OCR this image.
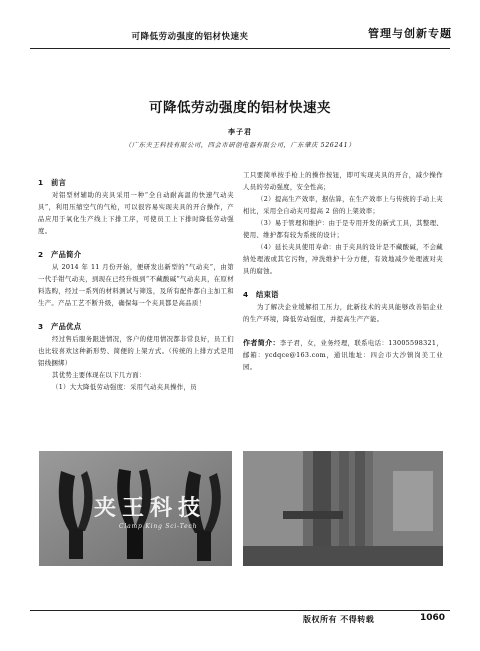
可降低劳动强度的铝材快速夹	管理与创新专题
可降低劳动强度的铝材快速夹
李子君
（广东夹王科技有限公司，四会市研创电器有限公司，广东肇庆 526241）

1　前言

对铝型材辅助的夹具采用一种“全自动耐高温的快速气动夹具”，利用压缩空气的气枪，可以很容易实现夹具的开合操作，产品应用于氧化生产线上下排工序，可使员工上下排时降低劳动强度。

2　产品简介

从 2014 年 11 月份开始，便研发出新型的“气动夹”，由第一代手钳气动夹，到现在已经升级到“不藏酸碱”气动夹具，在原材料选购，经过一系列的材料测试与筛选，及所有配件都自主加工和生产。产品工艺不断升级，确保每一个夹具都是高品质！

3　产品优点

经过售后服务跟进情况，客户的使用情况都非常良好，员工们也比较喜欢这种新形势、简便的上架方式。（传统的上排方式是用铝线捆绑）

其优势主要体现在以下几方面：

（1）大大降低劳动强度：采用气动夹具操作，员

工只要简单按手枪上的操作按钮，即可实现夹具的开合，减少操作人员的劳动强度，安全性高；

（2）提高生产效率，据估算，在生产效率上与传统的手动上夹相比，采用全自动夹可提高 2 倍的上架效率；

（3）易于管理和维护：由于是专用开发的新式工具，其整理、使用、维护都有较为系统的设计；

（4）延长夹具使用寿命：由于夹具的设计是不藏酸碱，不会藏纳处理液或其它污物，冲洗维护十分方便，有效地减少处理液对夹具的腐蚀。

4　结束语

为了解决企业缓解招工压力，此新技术的夹具能够改善铝企业的生产环境，降低劳动强度，并提高生产产能。

作者简介：李子君，女，业务经理，联系电话：13005598321，邮箱：ycdqce@163.com，通讯地址：四会市大沙镇岗美工业园。

夹王科技
Clamp King Sci-Tech
版权所有 不得转载	1060
